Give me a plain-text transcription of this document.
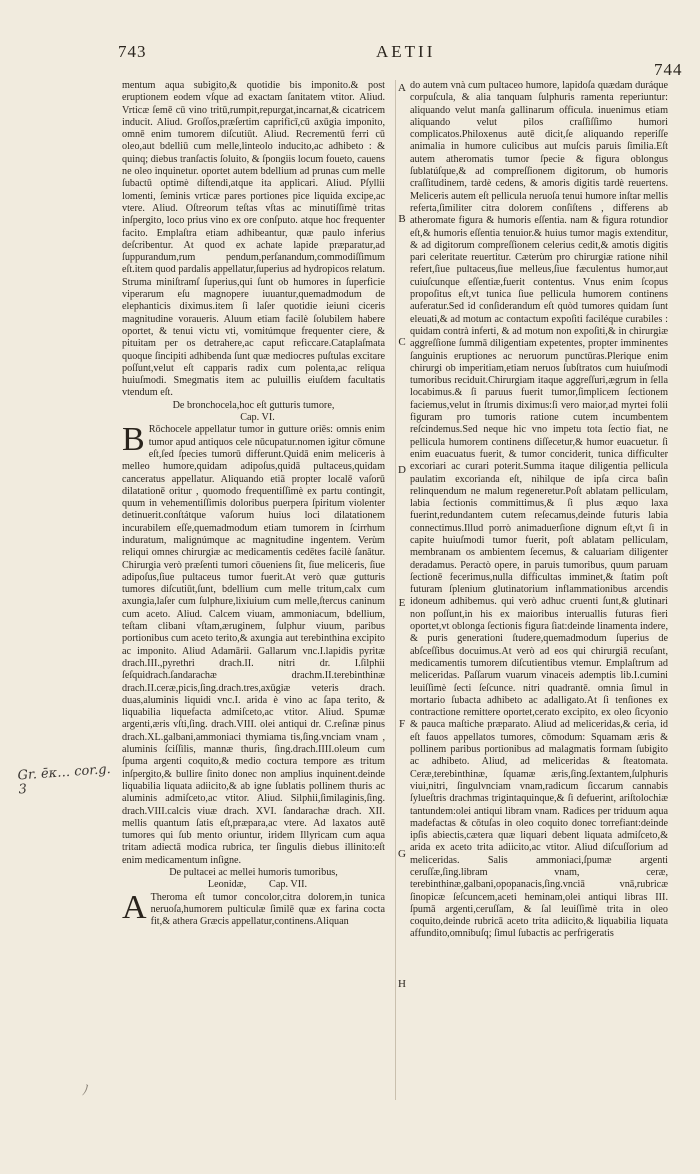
743	AETII
744

mentum aqua subigito,& quotidie bis imponito.& post eruptionem eodem vſque ad exactam ſanitatem vtitor. Aliud. Vrticæ ſemē cū vino tritū,rumpit,repurgat,incarnat,& cicatricem inducit. Aliud. Groſſos,præſertim caprificī,cū axūgia imponito, omnē enim tumorem diſcutiūt. Aliud. Recrementū ferri cū oleo,aut bdelliū cum melle,linteolo inducito,ac adhibeto : & quinq; diebus tranſactis ſoluito, & ſpongiis locum foueto, cauens ne oleo inquinetur. oportet autem bdellium ad prunas cum melle ſubactū optimè diſtendi,atque ita applicari. Aliud. Pſyllii lomenti, ſeminis vrticæ pares portiones pice liquida excipe,ac vtere. Aliud. Oſtreorum teſtas vſtas ac minutiſſimè tritas inſpergito, loco prius vino ex ore conſputo. atque hoc frequenter facito. Emplaſtra etiam adhibeantur, quæ paulo inferius deſcribentur. At quod ex achate lapide præparatur,ad ſuppurandum,rum pendum,perſanandum,commodiſſimum eſt.item quod pardalis appellatur,ſuperius ad hydropicos relatum. Struma miniſtramſ ſuperius,qui ſunt ob humores in ſuperficie viperarum eſu magnopere iuuantur,quemadmodum de elephanticis diximus.item ſi laſer quotidie ieiuni ciceris magnitudine voraueris. Aluum etiam facilè ſolubilem habere oportet, & tenui victu vti, vomitúmque frequenter ciere, & pituitam per os detrahere,ac caput reficcare.Cataplaſmata quoque ſincipiti adhibenda ſunt quæ mediocres puſtulas excitare poſſunt,velut eſt capparis radix cum polenta,ac reliqua huiuſmodi. Smegmatis item ac puluillis eiuſdem facultatis vtendum eſt.

De bronchocela,hoc eſt gutturis tumore,

Cap. VI.

B Rōchocele appellatur tumor in gutture oriēs: omnis enim tumor apud antiquos cele nūcupatur.nomen igitur cōmune eſt,ſed ſpecies tumorū differunt.Quidā enim meliceris à melleo humore,quidam adipoſus,quidā pultaceus,quidam canceratus appellatur. Aliquando etiā propter localē vaſorū dilatationē oritur , quomodo frequentiſſimè ex partu contingit, quum in vehementiſſimis doloribus puerpera ſpiritum violenter detinuerit.conſtátque vaſorum huius loci dilatationem incurabilem eſſe,quemadmodum etiam tumorem in ſcirrhum induratum, malignúmque ac magnitudine ingentem. Verùm reliqui omnes chirurgiæ ac medicamentis cedētes facilè ſanātur. Chirurgia verò præſenti tumori cōueniens ſit, ſiue meliceris, ſiue adipoſus,ſiue pultaceus tumor fuerit.At verò quæ gutturis tumores diſcutiūt,ſunt, bdellium cum melle tritum,calx cum axungia,laſer cum ſulphure,lixiuium cum melle,ſtercus caninum cum aceto. Aliud. Calcem viuam, ammoniacum, bdellium, teſtam clibani vſtam,æruginem, ſulphur viuum, paribus portionibus cum aceto terito,& axungia aut terebinthina excipito ac imponito. Aliud Adamārii. Gallarum vnc.I.lapidis pyritæ drach.III.,pyrethri drach.II. nitri dr. I.ſilphii ſeſquidrach.ſandarachæ drachm.II.terebinthinæ drach.II.ceræ,picis,ſing.drach.tres,axūgiæ veteris drach. duas,aluminis liquidi vnc.I. arida è vino ac ſapa terito, & liquabilia liquefacta admiſceto,ac vtitor. Aliud. Spumæ argenti,æris vſti,ſing. drach.VIII. olei antiqui dr. C.reſinæ pinus drach.XL.galbani,ammoniaci thymiama tis,ſing.vnciam vnam , aluminis ſciſſilis, mannæ thuris, ſing.drach.IIII.oleum cum ſpuma argenti coquito,& medio coctura tempore æs tritum inſpergito,& bullire ſinito donec non amplius inquinent.deinde liquabilia liquata adiicito,& ab igne ſublatis pollinem thuris ac aluminis admiſceto,ac vtitor. Aliud. Silphii,ſimilaginis,ſing. drach.VIII.calcis viuæ drach. XVI. ſandarachæ drach. XII. mellis quantum ſatis eſt,præpara,ac vtere. Ad laxatos autē tumores qui ſub mento oriuntur, iridem Illyricam cum aqua tritam adiectā modica rubrica, ter ſingulis diebus illinito:eſt enim medicamentum inſigne.

De pultacei ac mellei humoris tumoribus,

Leonidæ, Cap. VII.

A Theroma eſt tumor concolor,citra dolorem,in tunica neruoſa,humorem pulticulæ ſimilē quæ ex farina cocta fit,& athera Græcis appellatur,continens.Aliquan

A
B
C
D
E
F
G
H

do autem vnà cum pultaceo humore, lapidoſa quædam duráque corpuſcula, & alia tanquam ſulphuris ramenta reperiuntur: aliquando velut manſa gallinarum officula. inuenimus etiam aliquando velut pilos craſſiſſimo humori complicatos.Philoxenus autē dicit,ſe aliquando reperiſſe animalia in humore culicibus aut muſcis paruis ſimilia.Eſt autem atheromatis tumor ſpecie & figura oblongus ſublatúſque,& ad compreſſionem digitorum, ob humoris craſſitudinem, tardè cedens, & amoris digitis tardè reuertens. Meliceris autem eſt pellicula neruoſa tenui humore inſtar mellis referta,ſimiliter citra dolorem conſiſtens , differens ab atheromate figura & humoris eſſentia. nam & figura rotundior eſt,& humoris eſſentia tenuior.& huius tumor magis extenditur, & ad digitorum compreſſionem celerius cedit,& amotis digitis pari celeritate reuertitur. Cæterùm pro chirurgiæ ratione nihil refert,ſiue pultaceus,ſiue melleus,ſiue fæculentus humor,aut cuiuſcunque eſſentiæ,fuerit contentus. Vnus enim ſcopus propoſitus eſt,vt tunica ſiue pellicula humorem continens auferatur.Sed id conſiderandum eſt quòd tumores quidam ſunt eleuati,& ad motum ac contactum expoſiti faciléque curabiles : quidam contrà inferti, & ad motum non expoſiti,& in chirurgiæ aggreſſione ſummā diligentiam expetentes, propter imminentes ſanguinis eruptiones ac neruorum punctūras.Plerique enim chirurgi ob imperitiam,etiam neruos ſubſtratos cum huiuſmodi tumoribus reciduit.Chirurgiam itaque aggreſſuri,ægrum in ſella locabimus.& ſi paruus fuerit tumor,ſimplicem ſectionem faciemus,velut in ſtrumis diximus:ſi vero maior,ad myrtei folii figuram pro tumoris ratione cutem incumbentem reſcindemus.Sed neque hic vno impetu tota ſectio fiat, ne pellicula humorem continens diſſecetur,& humor euacuetur. ſi enim euacuatus fuerit, & tumor conciderit, tunica difficulter excoriari ac curari poterit.Summa itaque diligentia pellicula paulatim excorianda eſt, nihilque de ipſa circa baſin relinquendum ne malum regeneretur.Poſt ablatam pelliculam, labia ſectionis committimus,& ſi plus æquo laxa fuerint,redundantem cutem reſecamus,deinde futuris labia connectimus.Illud porrò animaduerſione dignum eſt,vt ſi in capite huiuſmodi tumor fuerit, poſt ablatam pelliculam, membranam os ambientem ſecemus, & caluariam diligenter deradamus. Peractò opere, in paruis tumoribus, quum paruam ſectionē fecerimus,nulla difficultas imminet,& ſtatim poſt futuram ſplenium glutinatorium inflammationibus arcendis idoneum adhibemus. qui verò adhuc cruenti ſunt,& glutinari non poſſunt,in his ex maioribus interuallis futuras fieri oportet,vt oblonga ſectionis figura ſiat:deinde linamenta indere, & puris generationi ſtudere,quemadmodum ſuperius de abſceſſibus docuimus.At verò ad eos qui chirurgiā recuſant, medicamentis tumorem diſcutientibus vtemur. Emplaſtrum ad meliceridas. Paſſarum vuarum vinaceis ademptis lib.I.cumini leuiſſimè ſecti ſeſcunce. nitri quadrantē. omnia ſimul in mortario ſubacta adhibeto ac adalligato.At ſi tenſiones ex contractione remittere oportet,cerato excipito, ex oleo ſicyonio & pauca maſtiche præparato. Aliud ad meliceridas,& ceria, id eſt fauos appellatos tumores, cōmodum: Squamam æris & pollinem paribus portionibus ad malagmatis formam ſubigito ac adhibeto. Aliud, ad meliceridas & ſteatomata. Ceræ,terebinthinæ, ſquamæ æris,ſing.ſextantem,ſulphuris viui,nitri, ſingulvnciam vnam,radicum ſiccarum cannabis ſylueſtris drachmas trigintaquinque,& ſi defuerint, ariſtolochiæ tantundem:olei antiqui libram vnam. Radices per triduum aqua madefactas & cōtuſas in oleo coquito donec torrefiant:deinde ipſis abiectis,cætera quæ liquari debent liquata admiſceto,& arida ex aceto trita adiicito,ac vtitor. Aliud diſcuſſorium ad meliceridas. Salis ammoniaci,ſpumæ argenti ceruſſæ,ſing.libram vnam, ceræ, terebinthinæ,galbani,opopanacis,ſing.vnciā vnā,rubricæ ſinopicæ ſeſcuncem,aceti heminam,olei antiqui libras III. ſpumā argenti,ceruſſam, & ſal leuiſſimè trita in oleo coquito,deinde rubricā aceto trita adiicito,& liquabilia liquata affundito,omnibuſq; ſimul ſubactis ac perfrigeratis

Gr. ēκ… cor.g. 3
ﾉ
